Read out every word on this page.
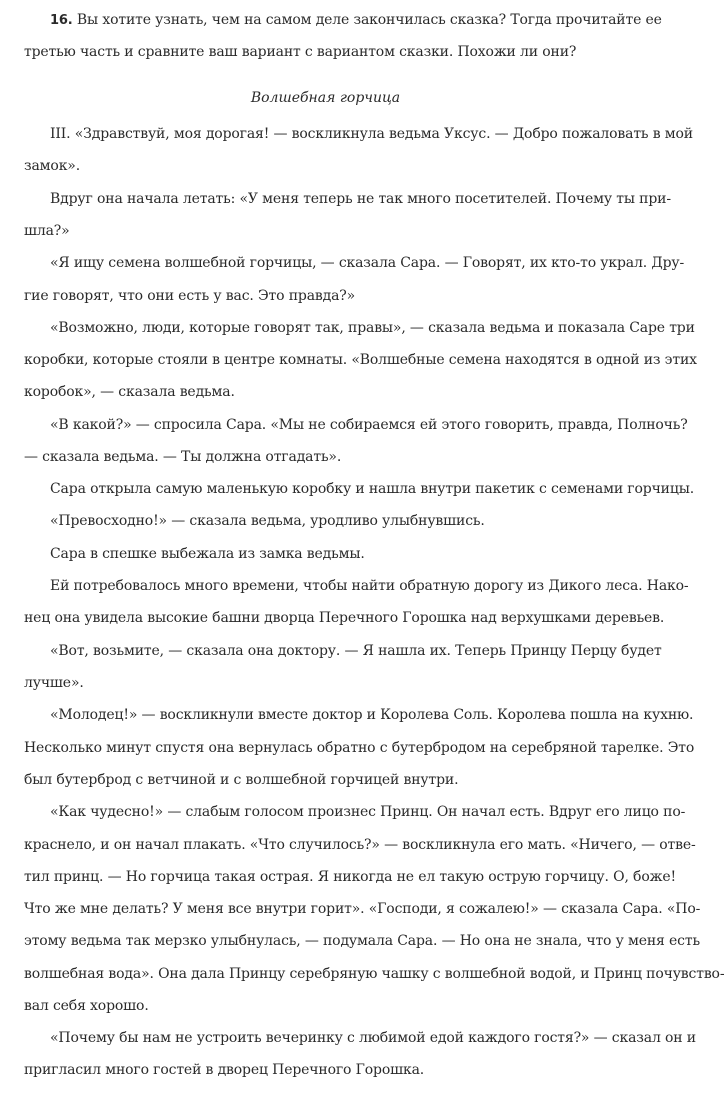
16. Вы хотите узнать, чем на самом деле закончилась сказка? Тогда прочитайте ее
третью часть и сравните ваш вариант с вариантом сказки. Похожи ли они?
Волшебная горчица
III. «Здравствуй, моя дорогая! — воскликнула ведьма Уксус. — Добро пожаловать в мой
замок».
Вдруг она начала летать: «У меня теперь не так много посетителей. Почему ты при-
шла?»
«Я ищу семена волшебной горчицы, — сказала Сара. — Говорят, их кто-то украл. Дру-
гие говорят, что они есть у вас. Это правда?»
«Возможно, люди, которые говорят так, правы», — сказала ведьма и показала Саре три
коробки, которые стояли в центре комнаты. «Волшебные семена находятся в одной из этих
коробок», — сказала ведьма.
«В какой?» — спросила Сара. «Мы не собираемся ей этого говорить, правда, Полночь?
— сказала ведьма. — Ты должна отгадать».
Сара открыла самую маленькую коробку и нашла внутри пакетик с семенами горчицы.
«Превосходно!» — сказала ведьма, уродливо улыбнувшись.
Сара в спешке выбежала из замка ведьмы.
Ей потребовалось много времени, чтобы найти обратную дорогу из Дикого леса. Нако-
нец она увидела высокие башни дворца Перечного Горошка над верхушками деревьев.
«Вот, возьмите, — сказала она доктору. — Я нашла их. Теперь Принцу Перцу будет
лучше».
«Молодец!» — воскликнули вместе доктор и Королева Соль. Королева пошла на кухню.
Несколько минут спустя она вернулась обратно с бутербродом на серебряной тарелке. Это
был бутерброд с ветчиной и с волшебной горчицей внутри.
«Как чудесно!» — слабым голосом произнес Принц. Он начал есть. Вдруг его лицо по-
краснело, и он начал плакать. «Что случилось?» — воскликнула его мать. «Ничего, — отве-
тил принц. — Но горчица такая острая. Я никогда не ел такую острую горчицу. О, боже!
Что же мне делать? У меня все внутри горит». «Господи, я сожалею!» — сказала Сара. «По-
этому ведьма так мерзко улыбнулась, — подумала Сара. — Но она не знала, что у меня есть
волшебная вода». Она дала Принцу серебряную чашку с волшебной водой, и Принц почувство-
вал себя хорошо.
«Почему бы нам не устроить вечеринку с любимой едой каждого гостя?» — сказал он и
пригласил много гостей в дворец Перечного Горошка.
